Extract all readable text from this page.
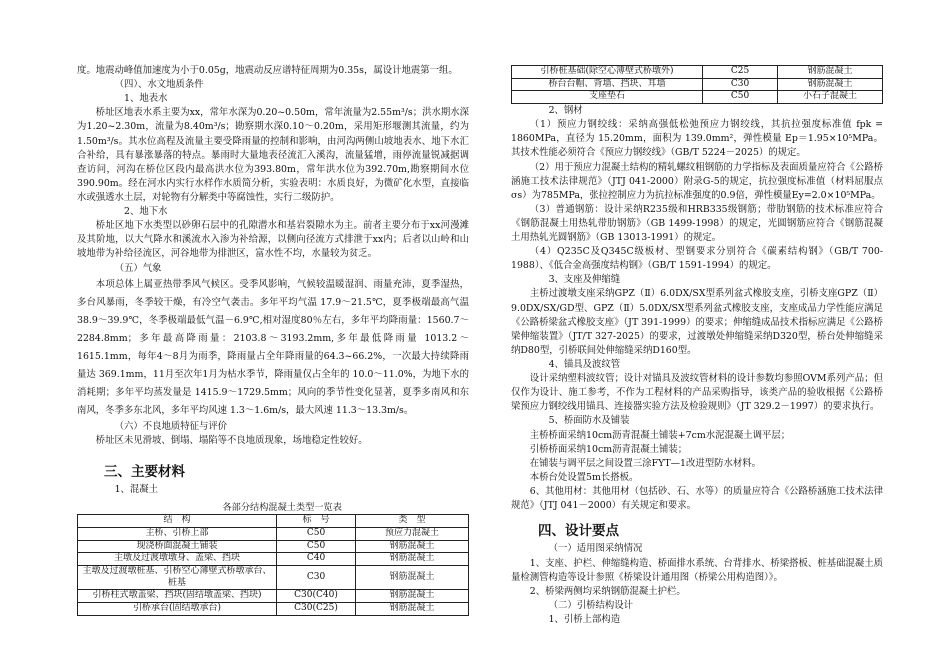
度。地震动峰值加速度为小于0.05g，地震动反应谱特征周期为0.35s，属设计地震第一组。

（四）、水文地质条件

1、地表水

桥址区地表水系主要为xx，常年水深为0.20~0.50m，常年流量为2.55m³/s；洪水期水深为1.20~2.30m，流量为8.40m³/s；勘察期水深0.10～0.20m，采用矩形堰测其流量，约为1.50m³/s。其水位高程及流量主要受降雨量的控制和影响，由河沟两侧山坡地表水、地下水汇合补给，具有暴涨暴落的特点。暴雨时大量地表径流汇入溪沟，流量猛增，雨停流量锐减据调查访问，河沟在桥位区段内最高洪水位为393.80m，常年洪水位为392.70m,勘察期间水位390.90m。经在河水内实行水样作水质简分析，实验表明：水质良好，为微矿化水型，直接临水或强透水土层，对轮物有分解类中等腐蚀性，实行二级防护。

2、地下水

桥址区地下水类型以砂卵石层中的孔隙潜水和基岩裂隙水为主。前者主要分布于xx河漫滩及其阶地，以大气降水和溪流水入渗为补给源，以侧向径流方式排泄于xx内；后者以山岭和山坡地带为补给径流区，河谷地带为排泄区，富水性不均，水量较为贫乏。

（五）气象

本项总体上属亚热带季风气候区。受季风影响，气候较温暖湿润、雨量充沛，夏季湿热，多台风暴雨，冬季较干燥，有冷空气袭击。多年平均气温 17.9～21.5℃，夏季极端最高气温 38.9～39.9℃，冬季极端最低气温－6.9℃,相对湿度80％左右，多年平均降雨量：1560.7～2284.8mm；多年最高降雨量：2103.8～3193.2mm,多年最低降雨量 1013.2～1615.1mm，每年4～8月为雨季，降雨量占全年降雨量的64.3~66.2%，一次最大持续降雨量达 369.1mm，11月至次年1月为枯水季节，降雨量仅占全年的 10.0～11.0%，为地下水的消耗期；多年平均蒸发量是 1415.9～1729.5mm；风向的季节性变化显著，夏季多南风和东南风，冬季多东北风，多年平均风速 1.3～1.6m/s，最大风速 11.3～13.3m/s。

（六）不良地质特征与评价

桥址区未见滑坡、倒塌、塌陷等不良地质现象，场地稳定性较好。

三、主要材料

1、混凝土

各部分结构混凝土类型一览表

结　构	标　号	类　型
主桥、引桥上部	C50	预应力混凝土
现浇桥面混凝土铺装	C50	钢筋混凝土
主墩及过渡墩墩身、盖梁、挡块	C40	钢筋混凝土
主墩及过渡墩桩基、引桥空心薄壁式桥墩承台、桩基	C30	钢筋混凝土
引桥柱式墩盖梁、挡块(固结墩盖梁、挡块)	C30(C40)	钢筋混凝土
引桥承台(固结墩承台)	C30(C25)	钢筋混凝土
引桥桩基础(除空心薄壁式桥墩外)	C25	钢筋混凝土
桥台台帽、背墙、挡块、耳墙	C30	钢筋混凝土
支座垫石	C50	小石子混凝土

2、钢材

（1）预应力钢绞线：采纳高强低松弛预应力钢绞线，其抗拉强度标准值 fpk = 1860MPa，直径为 15.20mm，面积为 139.0mm²，弹性模量 Ep＝1.95×10⁵MPa。其技术性能必须符合《预应力钢绞线》（GB/T 5224－2025）的规定。

（2）用于预应力混凝土结构的精轧螺纹粗钢筋的力学指标及表面质量应符合《公路桥涵施工技术法律规范》（JTJ 041-2000）附录G-5的规定，抗拉强度标准值（材料屈服点σs）为785MPa，张拉控制应力为抗拉标准强度的0.9倍，弹性模量Ey=2.0×10⁵MPa。

（3）普通钢筋：设计采纳R235级和HRB335级钢筋；带肋钢筋的技术标准应符合《钢筋混凝土用热轧带肋钢筋》（GB 1499-1998）的规定，光圆钢筋应符合《钢筋混凝土用热轧光圆钢筋》（GB 13013-1991）的规定。

（4）Q235C及Q345C级板材、型钢要求分别符合《碳素结构钢》（GB/T 700-1988）、《低合金高强度结构钢》（GB/T 1591-1994）的规定。

3、支座及伸缩缝

主桥过渡墩支座采纳GPZ（Ⅱ）6.0DX/SX型系列盆式橡胶支座，引桥支座GPZ（Ⅱ）9.0DX/SX/GD型、GPZ（Ⅱ）5.0DX/SX型系列盆式橡胶支座，支座成品力学性能应满足《公路桥梁盆式橡胶支座》（JT 391-1999）的要求；伸缩缝成品技术指标应满足《公路桥梁伸缩装置》（JT/T 327-2025）的要求，过渡墩处伸缩缝采纳D320型，桥台处伸缩缝采纳D80型，引桥联间处伸缩缝采纳D160型。

4、锚具及波纹管

设计采纳塑料波纹管；设计对锚具及波纹管材料的设计参数均参照OVM系列产品；但仅作为设计、施工参考，不作为工程材料的产品采购指导，该类产品的验收根据《公路桥梁预应力钢绞线用锚具、连接器实验方法及检验规则》（JT 329.2－1997）的要求执行。

5、桥面防水及铺装

主桥桥面采纳10cm沥青混凝土铺装+7cm水泥混凝土调平层；

引桥桥面采纳10cm沥青混凝土铺装；

在铺装与调平层之间设置三涂FYT—1改进型防水材料。

本桥台处设置5m长搭板。

6、其他用材：其他用材（包括砂、石、水等）的质量应符合《公路桥涵施工技术法律规范》（JTJ 041－2000）有关规定和要求。

四、设计要点

（一）适用图采纳情况

1、支座、护栏、伸缩缝构造、桥面排水系统、台背排水、桥梁搭板、桩基础混凝土质量检测管构造等设计参照《桥梁设计通用图（桥梁公用构造图）》。

2、桥梁两侧均采纳钢筋混凝土护栏。

（二）引桥结构设计

1、引桥上部构造
